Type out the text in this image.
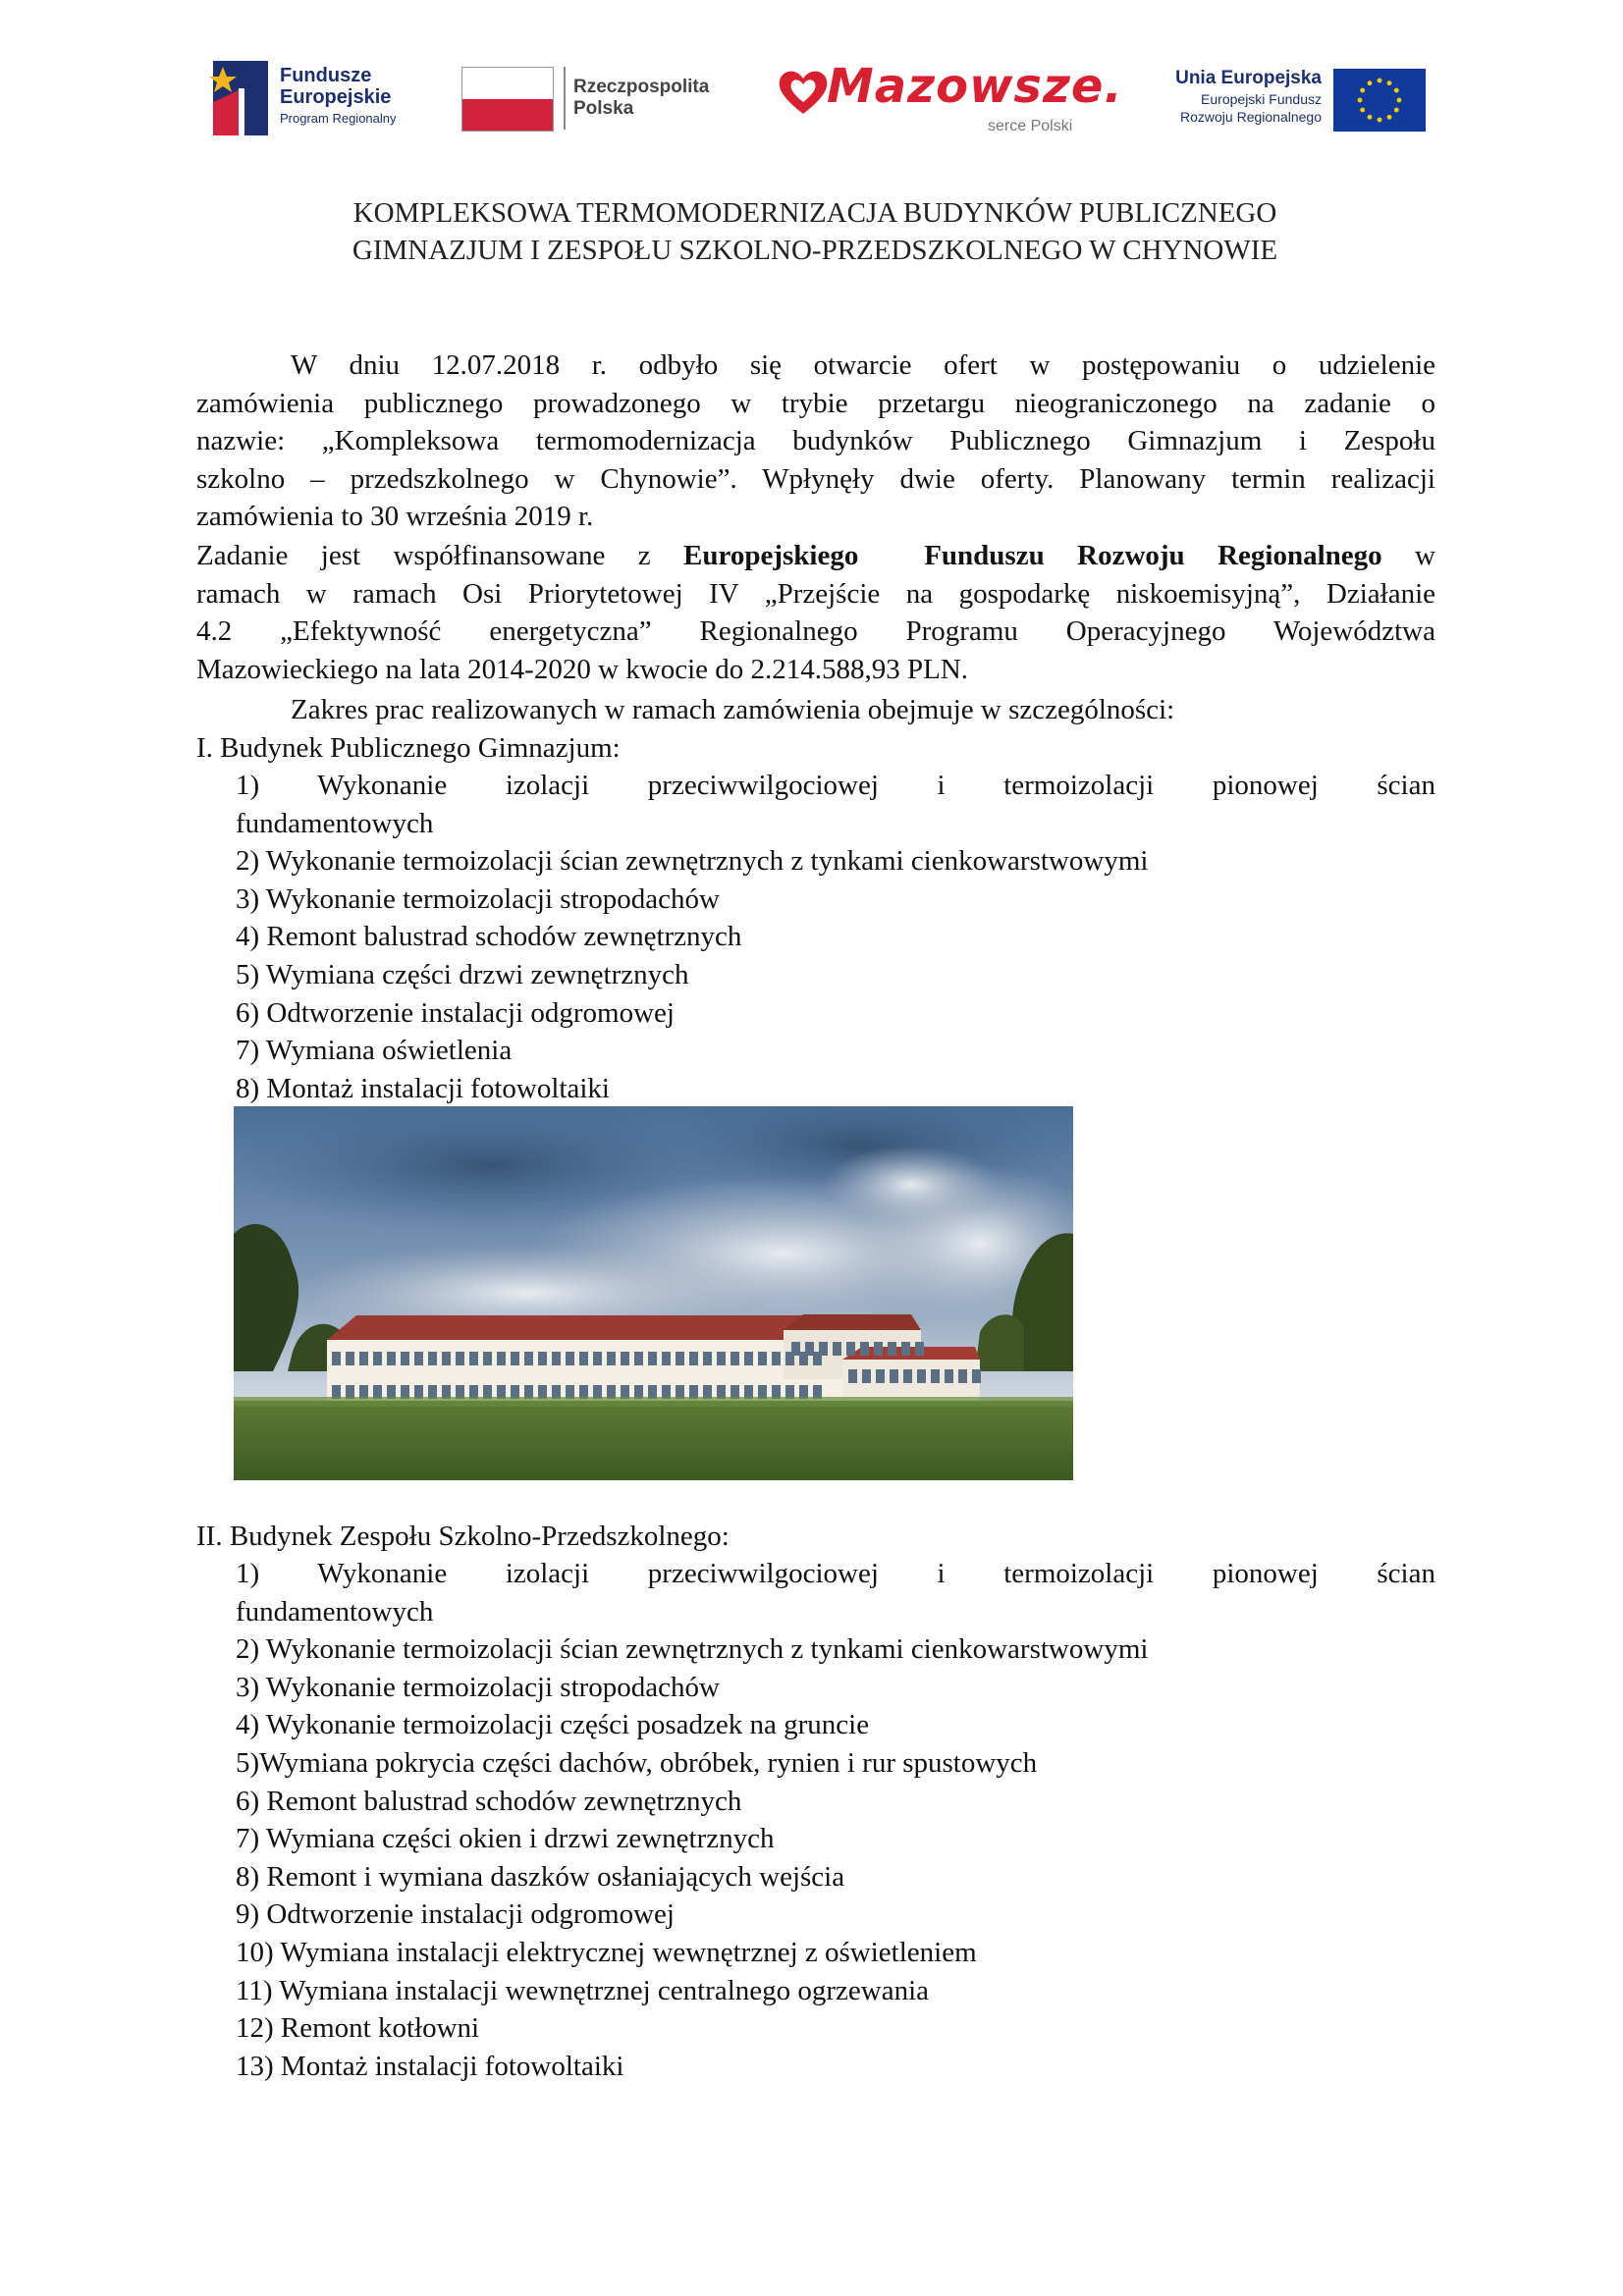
Fundusze
Europejskie
Program Regionalny
Rzeczpospolita
Polska	Mazowsze.
serce Polski
Unia Europejska
Europejski Fundusz
Rozwoju Regionalnego
KOMPLEKSOWA TERMOMODERNIZACJA BUDYNKÓW PUBLICZNEGO
GIMNAZJUM I ZESPOŁU SZKOLNO-PRZEDSZKOLNEGO W CHYNOWIE
W dniu 12.07.2018 r. odbyło się otwarcie ofert w postępowaniu o udzielenie
zamówienia publicznego prowadzonego w trybie przetargu nieograniczonego na zadanie o
nazwie: „Kompleksowa termomodernizacja budynków Publicznego Gimnazjum i Zespołu
szkolno – przedszkolnego w Chynowie”. Wpłynęły dwie oferty. Planowany termin realizacji
zamówienia to 30 września 2019 r.
Zadanie jest współfinansowane z Europejskiego  Funduszu Rozwoju Regionalnego w
ramach w ramach Osi Priorytetowej IV „Przejście na gospodarkę niskoemisyjną”, Działanie
4.2 „Efektywność energetyczna” Regionalnego Programu Operacyjnego Województwa
Mazowieckiego na lata 2014-2020 w kwocie do 2.214.588,93 PLN.
Zakres prac realizowanych w ramach zamówienia obejmuje w szczególności:
I. Budynek Publicznego Gimnazjum:
1) Wykonanie izolacji przeciwwilgociowej i termoizolacji pionowej ścian
fundamentowych
2) Wykonanie termoizolacji ścian zewnętrznych z tynkami cienkowarstwowymi
3) Wykonanie termoizolacji stropodachów
4) Remont balustrad schodów zewnętrznych
5) Wymiana części drzwi zewnętrznych
6) Odtworzenie instalacji odgromowej
7) Wymiana oświetlenia
8) Montaż instalacji fotowoltaiki
II. Budynek Zespołu Szkolno-Przedszkolnego:
1) Wykonanie izolacji przeciwwilgociowej i termoizolacji pionowej ścian
fundamentowych
2) Wykonanie termoizolacji ścian zewnętrznych z tynkami cienkowarstwowymi
3) Wykonanie termoizolacji stropodachów
4) Wykonanie termoizolacji części posadzek na gruncie
5)Wymiana pokrycia części dachów, obróbek, rynien i rur spustowych
6) Remont balustrad schodów zewnętrznych
7) Wymiana części okien i drzwi zewnętrznych
8) Remont i wymiana daszków osłaniających wejścia
9) Odtworzenie instalacji odgromowej
10) Wymiana instalacji elektrycznej wewnętrznej z oświetleniem
11) Wymiana instalacji wewnętrznej centralnego ogrzewania
12) Remont kotłowni
13) Montaż instalacji fotowoltaiki
